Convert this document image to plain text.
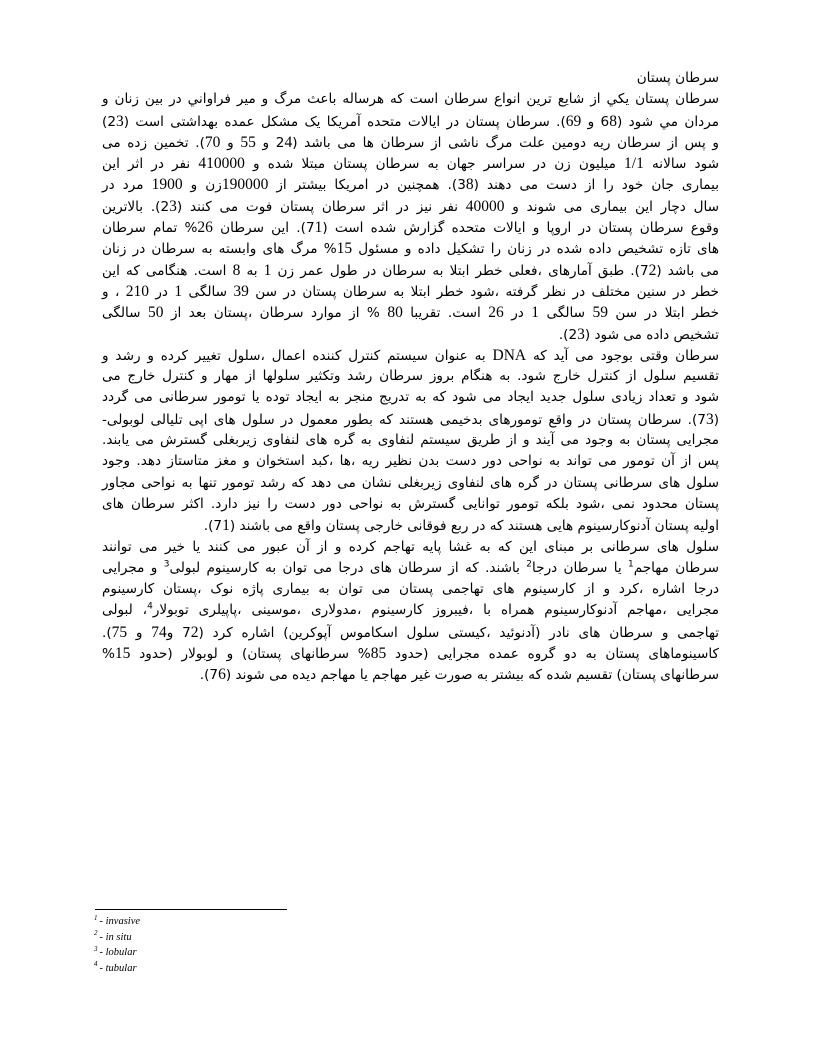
سرطان پستان
سرطان پستان يكي از شايع ترين انواع سرطان است كه هرساله باعث مرگ و مير فراواني در بين زنان و
مردان مي شود (68 و 69). سرطان پستان در ایالات متحده آمریکا یک مشکل عمده بهداشتی است (23)
و پس از سرطان ریه دومین علت مرگ ناشی از سرطان ها می باشد (24 و 55 و 70). تخمین زده می
شود سالانه 1/1 میلیون زن در سراسر جهان به سرطان پستان مبتلا شده و 410000 نفر در اثر این
بیماری جان خود را از دست می دهند (38). همچنین در امریکا بیشتر از 190000زن و 1900 مرد در
سال دچار این بیماری می شوند و 40000 نفر نیز در اثر سرطان پستان فوت می کنند (23). بالاترین
وقوع سرطان پستان در اروپا و ایالات متحده گزارش شده است (71). این سرطان 26% تمام سرطان
های تازه تشخیص داده شده در زنان را تشکیل داده و مسئول 15% مرگ های وابسته به سرطان در زنان
می باشد (72). طبق آمارهای ،فعلی خطر ابتلا به سرطان در طول عمر زن 1 به 8 است. هنگامی که این
خطر در سنین مختلف در نظر گرفته ،شود خطر ابتلا به سرطان پستان در سن 39 سالگی 1 در 210 ، و
خطر ابتلا در سن 59 سالگی 1 در 26 است. تقریبا 80 % از موارد سرطان ،پستان بعد از 50 سالگی
تشخیص داده می شود (23).
سرطان وقتی بوجود می آید که DNA به عنوان سیستم کنترل کننده اعمال ،سلول تغییر کرده و رشد و
تقسیم سلول از کنترل خارج شود. به هنگام بروز سرطان رشد وتکثیر سلولها از مهار و کنترل خارج می
شود و تعداد زیادی سلول جدید ایجاد می شود که به تدریج منجر به ایجاد توده یا تومور سرطانی می گردد
(73). سرطان پستان در واقع تومورهای بدخیمی هستند که بطور معمول در سلول های اپی تلیالی لوبولی-
مجرایی پستان به وجود می آیند و از طریق سیستم لنفاوی به گره های لنفاوی زیربغلی گسترش می یابند.
پس از آن تومور می تواند به نواحی دور دست بدن نظیر ریه ،ها ،کبد استخوان و مغز متاستاز دهد. وجود
سلول های سرطانی پستان در گره های لنفاوی زیربغلی نشان می دهد که رشد تومور تنها به نواحی مجاور
پستان محدود نمی ،شود بلکه تومور توانایی گسترش به نواحی دور دست را نیز دارد. اکثر سرطان های
اولیه پستان آدنوکارسینوم هایی هستند که در ربع فوقانی خارجی پستان واقع می باشند (71).
سلول های سرطانی بر مبنای این که به غشا پایه تهاجم کرده و از آن عبور می کنند یا خیر می توانند
سرطان مهاجم$^1$ یا سرطان درجا$^2$ باشند. که از سرطان های درجا می توان به کارسینوم لبولی$^3$ و مجرایی
درجا اشاره ،کرد و از کارسینوم های تهاجمی پستان می توان به بیماری پاژه نوک ،پستان کارسینوم
مجرایی ،مهاجم آدنوکارسینوم همراه با ،فیبروز کارسینوم ،مدولاری ،موسینی ،پاپیلری توبولار$^4$، لبولی
تهاجمی و سرطان های نادر (آدنوئید ،کیستی سلول اسکاموس آپوکرین) اشاره کرد (72 و74 و 75).
کاسینوماهای پستان به دو گروه عمده مجرایی (حدود 85% سرطانهای پستان) و لوبولار (حدود 15%
سرطانهای پستان) تقسیم شده که بیشتر به صورت غیر مهاجم یا مهاجم دیده می شوند (76).
$^1$ - invasive
$^2$ - in situ
$^3$ - lobular
$^4$ - tubular
